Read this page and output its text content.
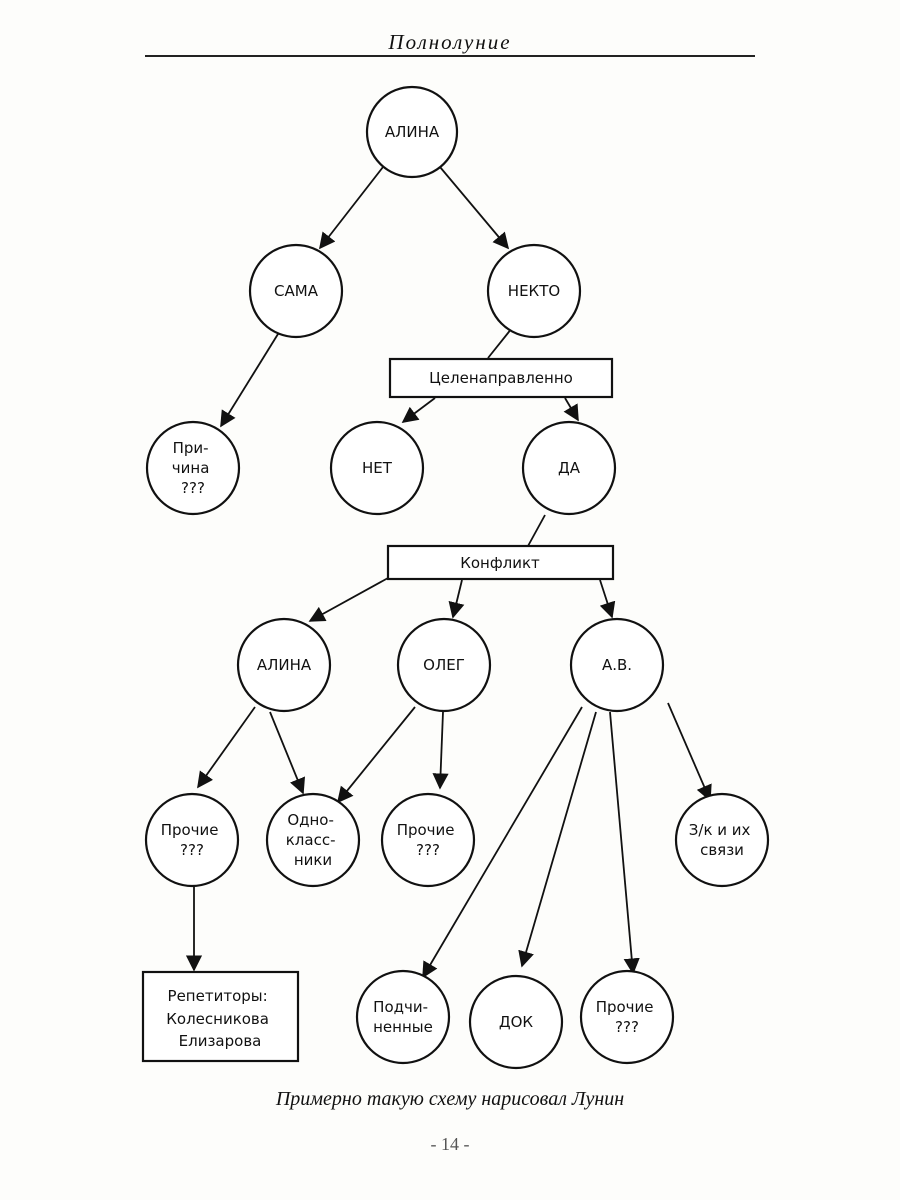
Полнолуние
АЛИНА
САМА	НЕКТО
При- чина ???
НЕТ	ДА
АЛИНА	ОЛЕГ	А.В.
Прочие ???
Одно- класс- ники
Прочие ???
З/к и их связи
Подчи- ненные	ДОК
Прочие ???
Целенаправленно
Конфликт
Репетиторы: Колесникова Елизарова
Примерно такую схему нарисовал Лунин
- 14 -
